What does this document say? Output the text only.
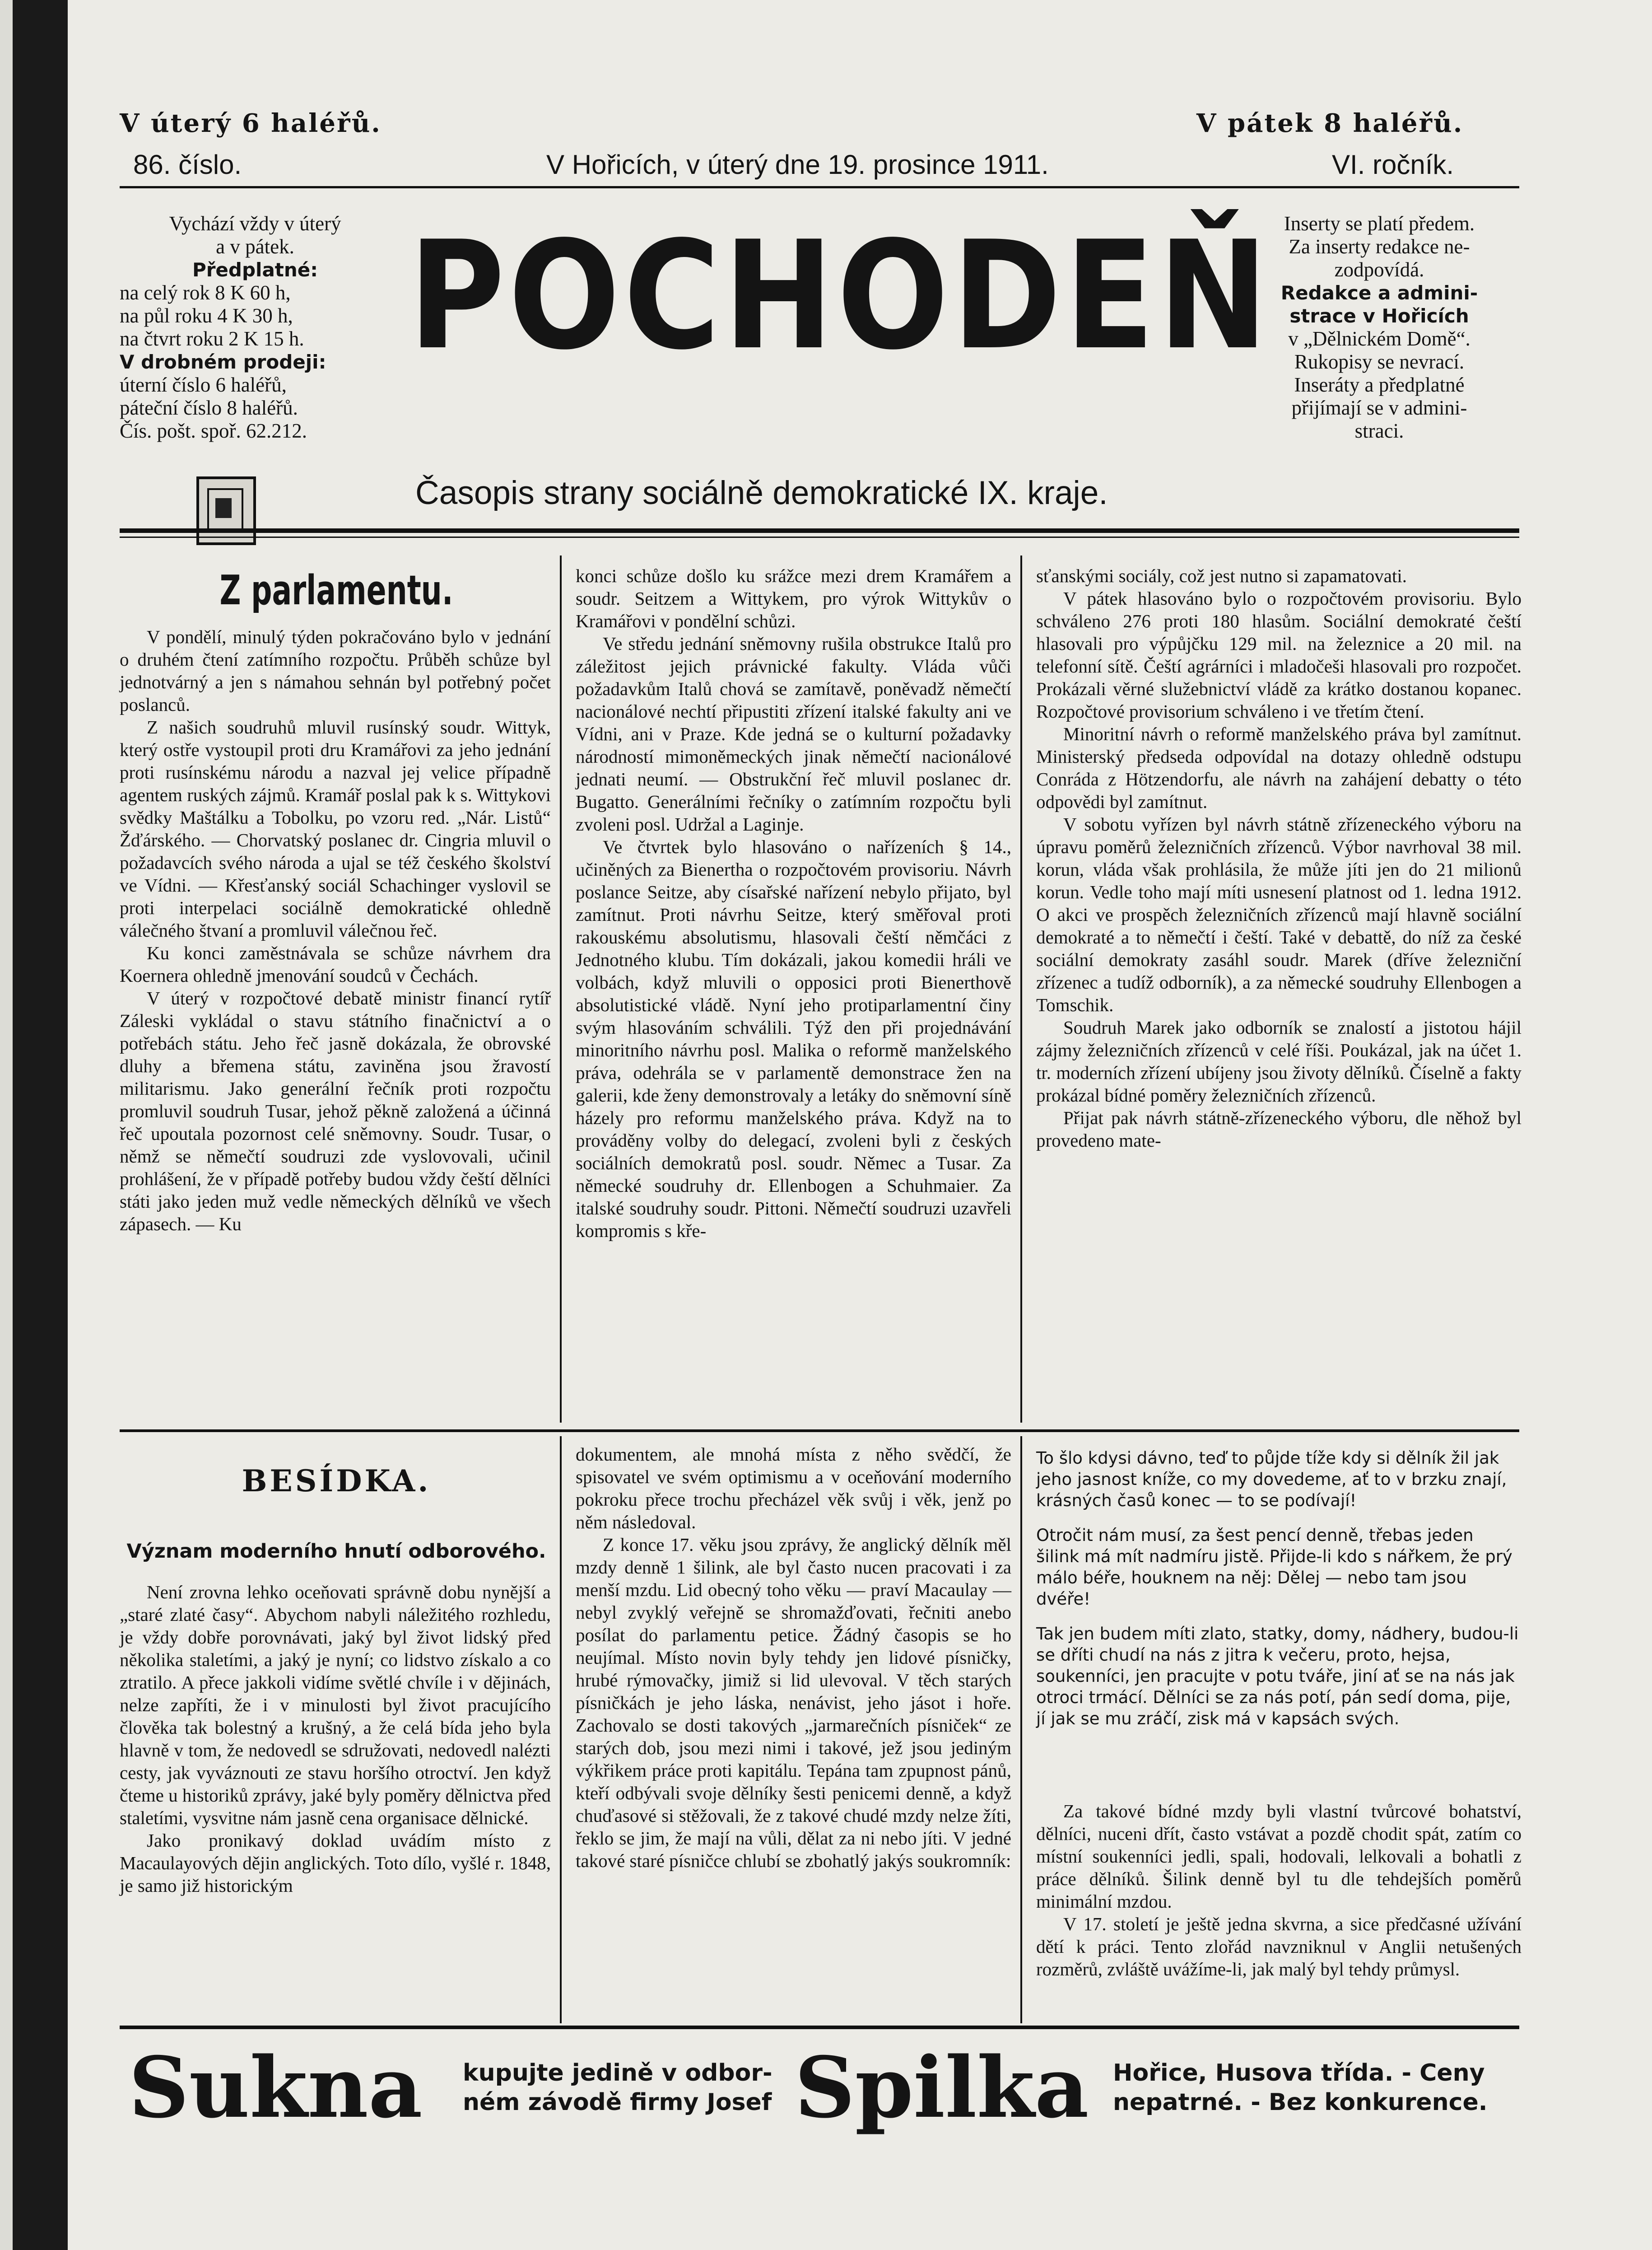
V úterý 6 haléřů.	V pátek 8 haléřů.
86. číslo.	V Hořicích, v úterý dne 19. prosince 1911.	VI. ročník.
Vychází vždy v úterý
a v pátek.
Předplatné:
na celý rok 8 K 60 h,
na půl roku 4 K 30 h,
na čtvrt roku 2 K 15 h.
V drobném prodeji:
úterní číslo 6 haléřů,
páteční číslo 8 haléřů.
Čís. pošt. spoř. 62.212.
POCHODEŇ
Časopis strany sociálně demokratické IX. kraje.
Inserty se platí předem.
Za inserty redakce ne-
zodpovídá.
Redakce a admini-
strace v Hořicích
v „Dělnickém Domě“.
Rukopisy se nevrací.
Inseráty a předplatné
přijímají se v admini-
straci.
Z parlamentu.

V pondělí, minulý týden pokračováno bylo v jednání o druhém čtení zatímního rozpočtu. Průběh schůze byl jednotvárný a jen s námahou sehnán byl potřebný počet poslanců.

Z našich soudruhů mluvil rusínský soudr. Wittyk, který ostře vystoupil proti dru Kramářovi za jeho jednání proti rusínskému národu a nazval jej velice případně agentem ruských zájmů. Kramář poslal pak k s. Wittykovi svědky Maštálku a Tobolku, po vzoru red. „Nár. Listů“ Žďárského. — Chorvatský poslanec dr. Cingria mluvil o požadavcích svého národa a ujal se též českého školství ve Vídni. — Křesťanský sociál Schachinger vyslovil se proti interpelaci sociálně demokratické ohledně válečného štvaní a promluvil válečnou řeč.

Ku konci zaměstnávala se schůze návrhem dra Koernera ohledně jmenování soudců v Čechách.

V úterý v rozpočtové debatě ministr financí rytíř Záleski vykládal o stavu státního finačnictví a o potřebách státu. Jeho řeč jasně dokázala, že obrovské dluhy a břemena státu, zaviněna jsou žravostí militarismu. Jako generální řečník proti rozpočtu promluvil soudruh Tusar, jehož pěkně založená a účinná řeč upoutala pozornost celé sněmovny. Soudr. Tusar, o němž se němečtí soudruzi zde vyslovovali, učinil prohlášení, že v případě potřeby budou vždy čeští dělníci státi jako jeden muž vedle německých dělníků ve všech zápasech. — Ku

konci schůze došlo ku srážce mezi drem Kramářem a soudr. Seitzem a Wittykem, pro výrok Wittykův o Kramářovi v pondělní schůzi.

Ve středu jednání sněmovny rušila obstrukce Italů pro záležitost jejich právnické fakulty. Vláda vůči požadavkům Italů chová se zamítavě, poněvadž němečtí nacionálové nechtí připustiti zřízení italské fakulty ani ve Vídni, ani v Praze. Kde jedná se o kulturní požadavky národností mimoněmeckých jinak němečtí nacionálové jednati neumí. — Obstrukční řeč mluvil poslanec dr. Bugatto. Generálními řečníky o zatímním rozpočtu byli zvoleni posl. Udržal a Laginje.

Ve čtvrtek bylo hlasováno o nařízeních § 14., učiněných za Bienertha o rozpočtovém provisoriu. Návrh poslance Seitze, aby císařské nařízení nebylo přijato, byl zamítnut. Proti návrhu Seitze, který směřoval proti rakouskému absolutismu, hlasovali čeští němčáci z Jednotného klubu. Tím dokázali, jakou komedii hráli ve volbách, když mluvili o opposici proti Bienerthově absolutistické vládě. Nyní jeho protiparlamentní činy svým hlasováním schválili. Týž den při projednávání minoritního návrhu posl. Malika o reformě manželského práva, odehrála se v parlamentě demonstrace žen na galerii, kde ženy demonstrovaly a letáky do sněmovní síně házely pro reformu manželského práva. Když na to prováděny volby do delegací, zvoleni byli z českých sociálních demokratů posl. soudr. Němec a Tusar. Za německé soudruhy dr. Ellenbogen a Schuhmaier. Za italské soudruhy soudr. Pittoni. Němečtí soudruzi uzavřeli kompromis s kře-

sťanskými sociály, což jest nutno si zapamatovati.

V pátek hlasováno bylo o rozpočtovém provisoriu. Bylo schváleno 276 proti 180 hlasům. Sociální demokraté čeští hlasovali pro výpůjčku 129 mil. na železnice a 20 mil. na telefonní sítě. Čeští agrárníci i mladočeši hlasovali pro rozpočet. Prokázali věrné služebnictví vládě za krátko dostanou kopanec. Rozpočtové provisorium schváleno i ve třetím čtení.

Minoritní návrh o reformě manželského práva byl zamítnut. Ministerský předseda odpovídal na dotazy ohledně odstupu Conráda z Hötzendorfu, ale návrh na zahájení debatty o této odpovědi byl zamítnut.

V sobotu vyřízen byl návrh státně zřízeneckého výboru na úpravu poměrů železničních zřízenců. Výbor navrhoval 38 mil. korun, vláda však prohlásila, že může jíti jen do 21 milionů korun. Vedle toho mají míti usnesení platnost od 1. ledna 1912. O akci ve prospěch železničních zřízenců mají hlavně sociální demokraté a to němečtí i čeští. Také v debattě, do níž za české sociální demokraty zasáhl soudr. Marek (dříve železniční zřízenec a tudíž odborník), a za německé soudruhy Ellenbogen a Tomschik.

Soudruh Marek jako odborník se znalostí a jistotou hájil zájmy železničních zřízenců v celé říši. Poukázal, jak na účet 1. tr. moderních zřízení ubíjeny jsou životy dělníků. Číselně a fakty prokázal bídné poměry železničních zřízenců.

Přijat pak návrh státně-zřízeneckého výboru, dle něhož byl provedeno mate-

BESÍDKA.
Význam moderního hnutí odborového.

Není zrovna lehko oceňovati správně dobu nynější a „staré zlaté časy“. Abychom nabyli náležitého rozhledu, je vždy dobře porovnávati, jaký byl život lidský před několika staletími, a jaký je nyní; co lidstvo získalo a co ztratilo. A přece jakkoli vidíme světlé chvíle i v dějinách, nelze zapříti, že i v minulosti byl život pracujícího člověka tak bolestný a krušný, a že celá bída jeho byla hlavně v tom, že nedovedl se sdružovati, nedovedl nalézti cesty, jak vyváznouti ze stavu horšího otroctví. Jen když čteme u historiků zprávy, jaké byly poměry dělnictva před staletími, vysvitne nám jasně cena organisace dělnické.

Jako pronikavý doklad uvádím místo z Macaulayových dějin anglických. Toto dílo, vyšlé r. 1848, je samo již historickým

dokumentem, ale mnohá místa z něho svědčí, že spisovatel ve svém optimismu a v oceňování moderního pokroku přece trochu přecházel věk svůj i věk, jenž po něm následoval.

Z konce 17. věku jsou zprávy, že anglický dělník měl mzdy denně 1 šilink, ale byl často nucen pracovati i za menší mzdu. Lid obecný toho věku — praví Macaulay — nebyl zvyklý veřejně se shromažďovati, řečniti anebo posílat do parlamentu petice. Žádný časopis se ho neujímal. Místo novin byly tehdy jen lidové písničky, hrubé rýmovačky, jimiž si lid ulevoval. V těch starých písničkách je jeho láska, nenávist, jeho jásot i hoře. Zachovalo se dosti takových „jarmarečních písniček“ ze starých dob, jsou mezi nimi i takové, jež jsou jediným výkřikem práce proti kapitálu. Tepána tam zpupnost pánů, kteří odbývali svoje dělníky šesti penicemi denně, a když chuďasové si stěžovali, že z takové chudé mzdy nelze žíti, řeklo se jim, že mají na vůli, dělat za ni nebo jíti. V jedné takové staré písničce chlubí se zbohatlý jakýs soukromník:

To šlo kdysi dávno, teď to půjde tíže kdy si dělník žil jak jeho jasnost kníže, co my dovedeme, ať to v brzku znají, krásných časů konec — to se podívají!

Otročit nám musí, za šest pencí denně, třebas jeden šilink má mít nadmíru jistě. Přijde-li kdo s nářkem, že prý málo béře, houknem na něj: Dělej — nebo tam jsou dvéře!

Tak jen budem míti zlato, statky, domy, nádhery, budou-li se dříti chudí na nás z jitra k večeru, proto, hejsa, soukenníci, jen pracujte v potu tváře, jiní ať se na nás jak otroci trmácí. Dělníci se za nás potí, pán sedí doma, pije, jí jak se mu zráčí, zisk má v kapsách svých.

Za takové bídné mzdy byli vlastní tvůrcové bohatství, dělníci, nuceni dřít, často vstávat a pozdě chodit spát, zatím co místní soukenníci jedli, spali, hodovali, lelkovali a bohatli z práce dělníků. Šilink denně byl tu dle tehdejších poměrů minimální mzdou.

V 17. století je ještě jedna skvrna, a sice předčasné užívání dětí k práci. Tento zlořád navzniknul v Anglii netušených rozměrů, zvláště uvážíme-li, jak malý byl tehdy průmysl.

Sukna kupujte jedině v odbor-
ném závodě firmy Josef Spilka Hořice, Husova třída. - Ceny
nepatrné. - Bez konkurence.
